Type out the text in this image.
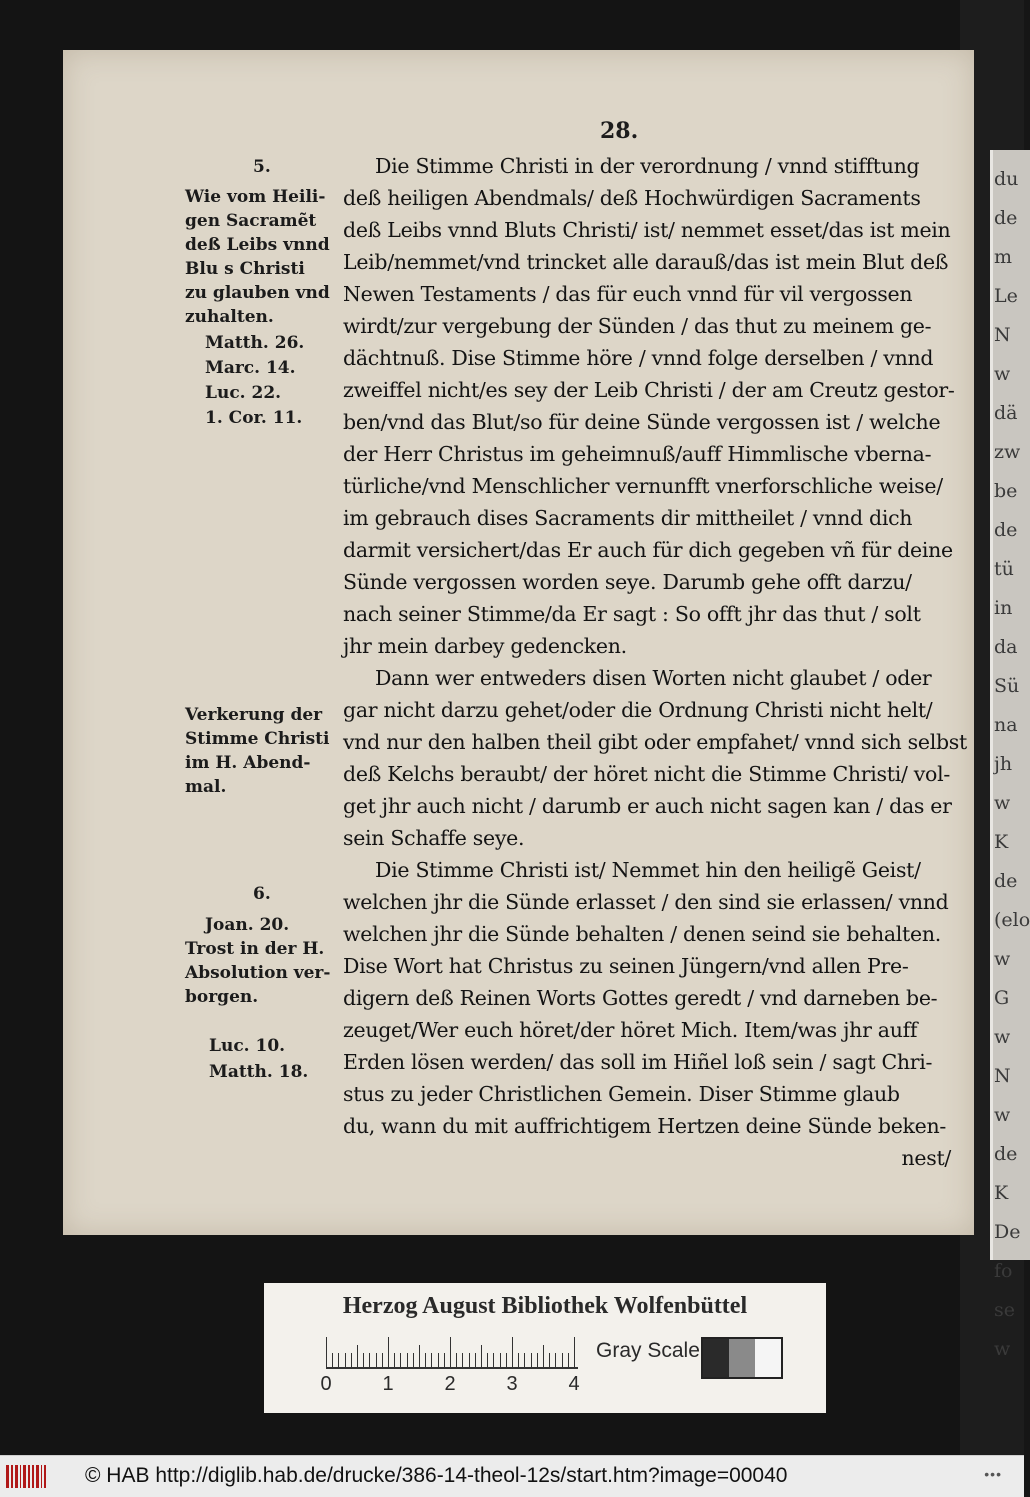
du
de
m
Le
N
w
dä
zw
be
de
tü
in
da
Sü
na
jh
w
K
de
(elo
w
G
w
N
w
de
K
De
fo
se
w
28.
5.
Wie vom Heili-
gen Sacramẽt
deß Leibs vnnd
Blu s Christi
zu glauben vnd
zuhalten.
Matth. 26.
Marc. 14.
Luc. 22.
1. Cor. 11.
Verkerung der
Stimme Christi
im H. Abend-
mal.
6.
Joan. 20.
Trost in der H.
Absolution ver-
borgen.
Luc. 10.
Matth. 18.
Die Stimme Christi in der verordnung / vnnd stifftung
deß heiligen Abendmals/ deß Hochwürdigen Sacraments
deß Leibs vnnd Bluts Christi/ ist/ nemmet esset/das ist mein
Leib/nemmet/vnd trincket alle darauß/das ist mein Blut deß
Newen Testaments / das für euch vnnd für vil vergossen
wirdt/zur vergebung der Sünden / das thut zu meinem ge-
dächtnuß. Dise Stimme höre / vnnd folge derselben / vnnd
zweiffel nicht/es sey der Leib Christi / der am Creutz gestor-
ben/vnd das Blut/so für deine Sünde vergossen ist / welche
der Herr Christus im geheimnuß/auff Himmlische vberna-
türliche/vnd Menschlicher vernunfft vnerforschliche weise/
im gebrauch dises Sacraments dir mittheilet / vnnd dich
darmit versichert/das Er auch für dich gegeben vñ für deine
Sünde vergossen worden seye. Darumb gehe offt darzu/
nach seiner Stimme/da Er sagt : So offt jhr das thut / solt
jhr mein darbey gedencken.
Dann wer entweders disen Worten nicht glaubet / oder
gar nicht darzu gehet/oder die Ordnung Christi nicht helt/
vnd nur den halben theil gibt oder empfahet/ vnnd sich selbst
deß Kelchs beraubt/ der höret nicht die Stimme Christi/ vol-
get jhr auch nicht / darumb er auch nicht sagen kan / das er
sein Schaffe seye.
Die Stimme Christi ist/ Nemmet hin den heiligẽ Geist/
welchen jhr die Sünde erlasset / den sind sie erlassen/ vnnd
welchen jhr die Sünde behalten / denen seind sie behalten.
Dise Wort hat Christus zu seinen Jüngern/vnd allen Pre-
digern deß Reinen Worts Gottes geredt / vnd darneben be-
zeuget/Wer euch höret/der höret Mich. Item/was jhr auff
Erden lösen werden/ das soll im Hiñel loß sein / sagt Chri-
stus zu jeder Christlichen Gemein. Diser Stimme glaub
du, wann du mit auffrichtigem Hertzen deine Sünde beken-
nest/
Herzog August Bibliothek Wolfenbüttel
0	1	2	3	4
Gray Scale
© HAB http://diglib.hab.de/drucke/386-14-theol-12s/start.htm?image=00040	•••
